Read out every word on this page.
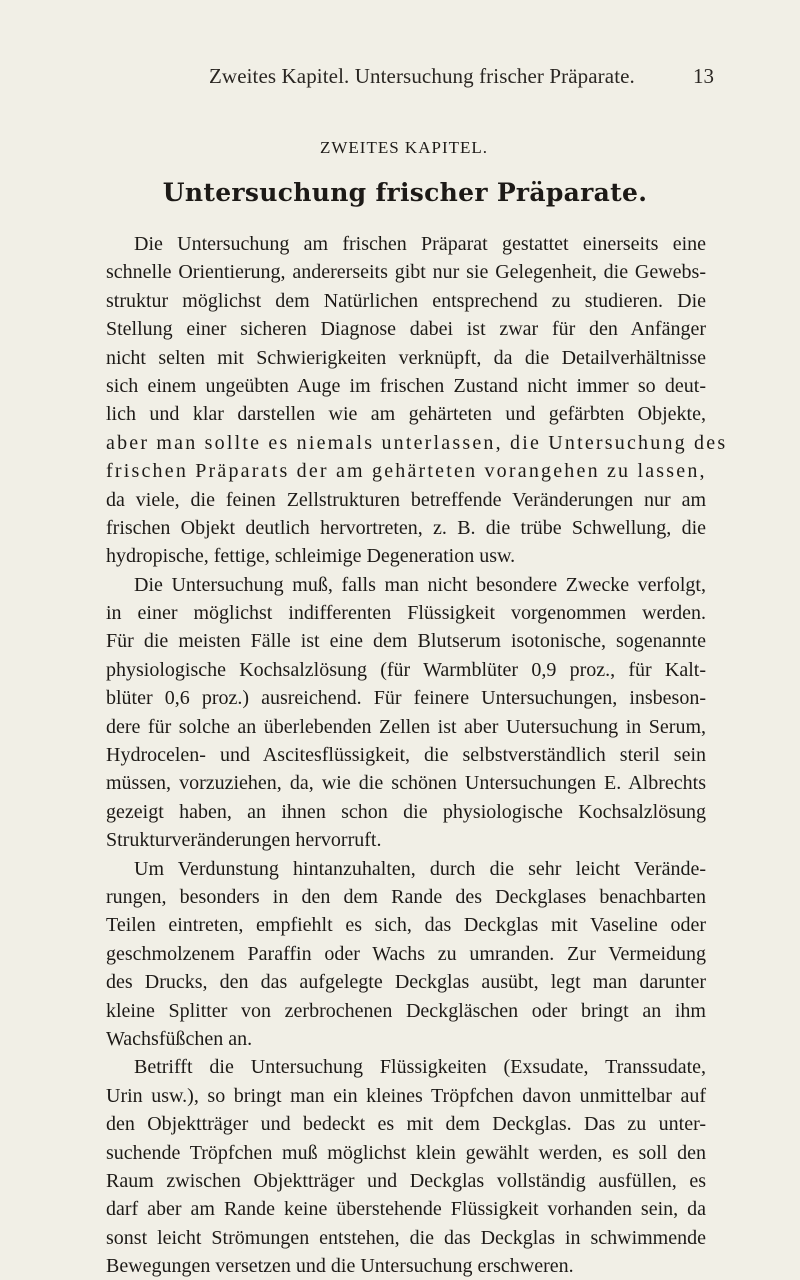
Zweites Kapitel. Untersuchung frischer Präparate.	13
ZWEITES KAPITEL.
Untersuchung frischer Präparate.
Die Untersuchung am frischen Präparat gestattet einerseits eine
schnelle Orientierung, andererseits gibt nur sie Gelegenheit, die Gewebs-
struktur möglichst dem Natürlichen entsprechend zu studieren. Die
Stellung einer sicheren Diagnose dabei ist zwar für den Anfänger
nicht selten mit Schwierigkeiten verknüpft, da die Detailverhältnisse
sich einem ungeübten Auge im frischen Zustand nicht immer so deut-
lich und klar darstellen wie am gehärteten und gefärbten Objekte,
aber man sollte es niemals unterlassen, die Untersuchung des
frischen Präparats der am gehärteten vorangehen zu lassen,
da viele, die feinen Zellstrukturen betreffende Veränderungen nur am
frischen Objekt deutlich hervortreten, z. B. die trübe Schwellung, die
hydropische, fettige, schleimige Degeneration usw.
Die Untersuchung muß, falls man nicht besondere Zwecke verfolgt,
in einer möglichst indifferenten Flüssigkeit vorgenommen werden.
Für die meisten Fälle ist eine dem Blutserum isotonische, sogenannte
physiologische Kochsalzlösung (für Warmblüter 0,9 proz., für Kalt-
blüter 0,6 proz.) ausreichend. Für feinere Untersuchungen, insbeson-
dere für solche an überlebenden Zellen ist aber Uutersuchung in Serum,
Hydrocelen- und Ascitesflüssigkeit, die selbstverständlich steril sein
müssen, vorzuziehen, da, wie die schönen Untersuchungen E. Albrechts
gezeigt haben, an ihnen schon die physiologische Kochsalzlösung
Strukturveränderungen hervorruft.
Um Verdunstung hintanzuhalten, durch die sehr leicht Verände-
rungen, besonders in den dem Rande des Deckglases benachbarten
Teilen eintreten, empfiehlt es sich, das Deckglas mit Vaseline oder
geschmolzenem Paraffin oder Wachs zu umranden. Zur Vermeidung
des Drucks, den das aufgelegte Deckglas ausübt, legt man darunter
kleine Splitter von zerbrochenen Deckgläschen oder bringt an ihm
Wachsfüßchen an.
Betrifft die Untersuchung Flüssigkeiten (Exsudate, Transsudate,
Urin usw.), so bringt man ein kleines Tröpfchen davon unmittelbar auf
den Objektträger und bedeckt es mit dem Deckglas. Das zu unter-
suchende Tröpfchen muß möglichst klein gewählt werden, es soll den
Raum zwischen Objektträger und Deckglas vollständig ausfüllen, es
darf aber am Rande keine überstehende Flüssigkeit vorhanden sein, da
sonst leicht Strömungen entstehen, die das Deckglas in schwimmende
Bewegungen versetzen und die Untersuchung erschweren.
